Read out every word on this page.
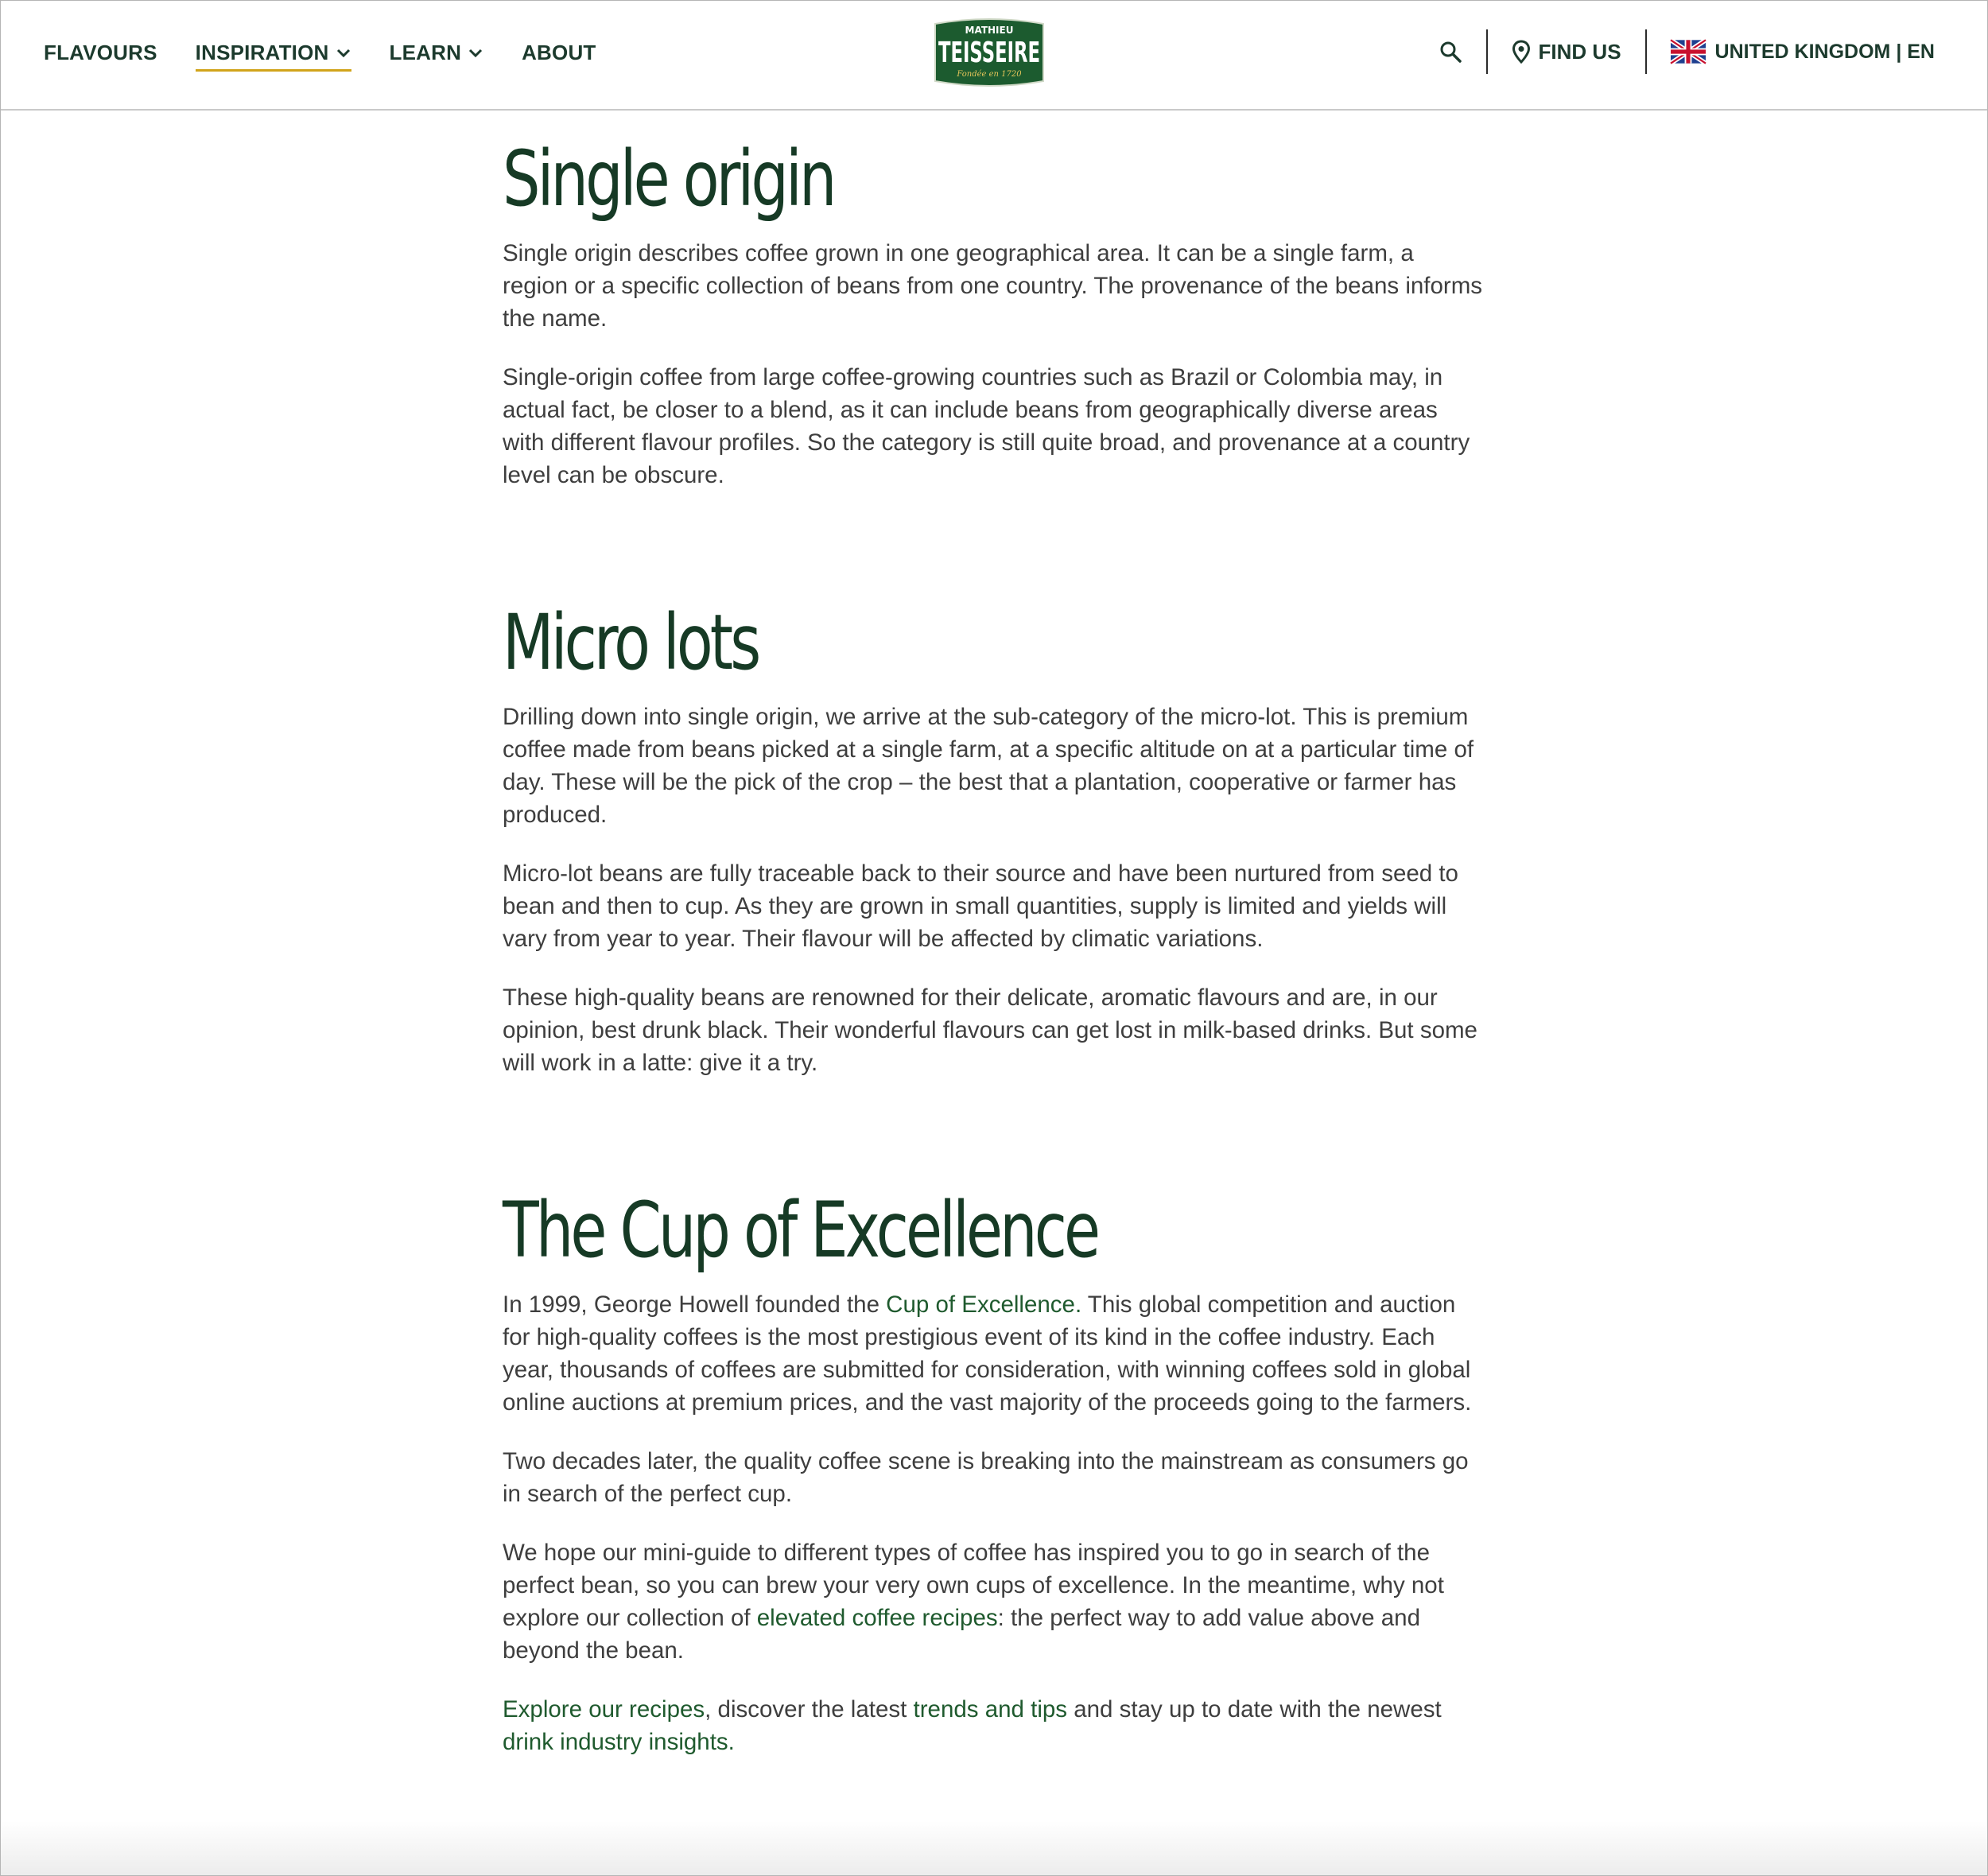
FLAVOURS INSPIRATION	LEARN	ABOUT
MATHIEU
TEISSEIRE
Fondée en 1720
FIND US	UNITED KINGDOM | EN
Single origin

Single origin describes coffee grown in one geographical area. It can be a single farm, a region or a specific collection of beans from one country. The provenance of the beans informs the name.

Single-origin coffee from large coffee-growing countries such as Brazil or Colombia may, in actual fact, be closer to a blend, as it can include beans from geographically diverse areas with different flavour profiles. So the category is still quite broad, and provenance at a country level can be obscure.

Micro lots

Drilling down into single origin, we arrive at the sub-category of the micro-lot. This is premium coffee made from beans picked at a single farm, at a specific altitude on at a particular time of day. These will be the pick of the crop – the best that a plantation, cooperative or farmer has produced.

Micro-lot beans are fully traceable back to their source and have been nurtured from seed to bean and then to cup. As they are grown in small quantities, supply is limited and yields will vary from year to year. Their flavour will be affected by climatic variations.

These high-quality beans are renowned for their delicate, aromatic flavours and are, in our opinion, best drunk black. Their wonderful flavours can get lost in milk-based drinks. But some will work in a latte: give it a try.

The Cup of Excellence

In 1999, George Howell founded the Cup of Excellence. This global competition and auction for high-quality coffees is the most prestigious event of its kind in the coffee industry. Each year, thousands of coffees are submitted for consideration, with winning coffees sold in global online auctions at premium prices, and the vast majority of the proceeds going to the farmers.

Two decades later, the quality coffee scene is breaking into the mainstream as consumers go in search of the perfect cup.

We hope our mini-guide to different types of coffee has inspired you to go in search of the perfect bean, so you can brew your very own cups of excellence. In the meantime, why not explore our collection of elevated coffee recipes: the perfect way to add value above and beyond the bean.

Explore our recipes, discover the latest trends and tips and stay up to date with the newest drink industry insights.
